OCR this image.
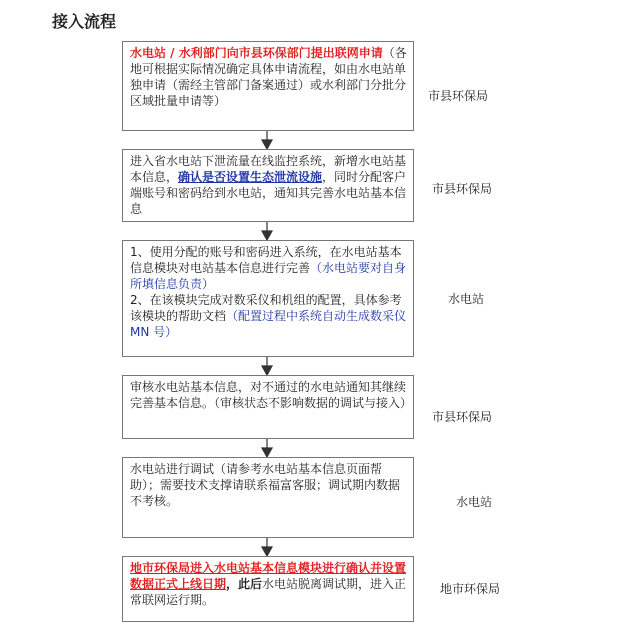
接入流程
水电站 / 水利部门向市县环保部门提出联网申请（各地可根据实际情况确定具体申请流程，如由水电站单独申请（需经主管部门备案通过）或水利部门分批分区域批量申请等）	市县环保局
进入省水电站下泄流量在线监控系统，新增水电站基本信息，确认是否设置生态泄流设施，同时分配客户端账号和密码给到水电站，通知其完善水电站基本信息
市县环保局
1、使用分配的账号和密码进入系统，在水电站基本信息模块对电站基本信息进行完善（水电站要对自身所填信息负责）
2、在该模块完成对数采仪和机组的配置，具体参考该模块的帮助文档（配置过程中系统自动生成数采仪 MN 号）
水电站
审核水电站基本信息，对不通过的水电站通知其继续完善基本信息。（审核状态不影响数据的调试与接入）
市县环保局
水电站进行调试（请参考水电站基本信息页面帮助）；需要技术支撑请联系福富客服；调试期内数据不考核。	水电站
地市环保局进入水电站基本信息模块进行确认并设置数据正式上线日期，此后水电站脱离调试期，进入正常联网运行期。
地市环保局
